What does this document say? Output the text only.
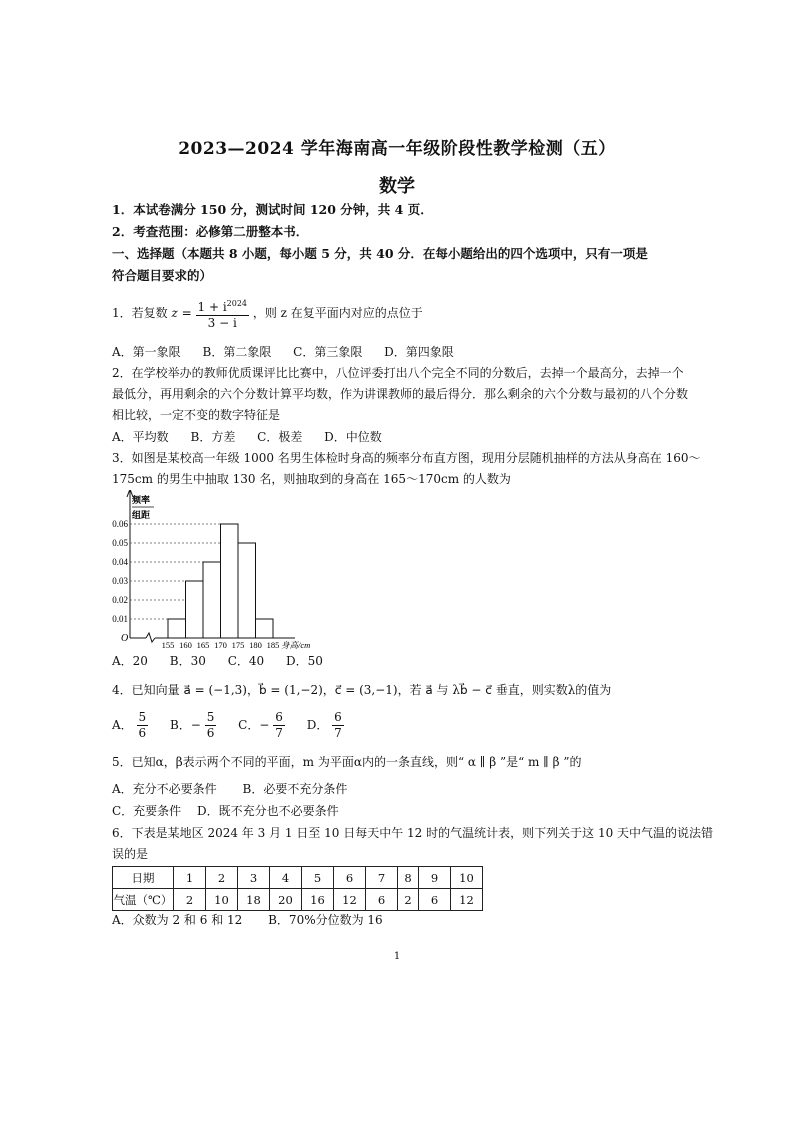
2023—2024 学年海南高一年级阶段性教学检测（五）
数学
1．本试卷满分 150 分，测试时间 120 分钟，共 4 页．
2．考查范围：必修第二册整本书．
一、选择题（本题共 8 小题，每小题 5 分，共 40 分．在每小题给出的四个选项中，只有一项是
符合题目要求的）
1．若复数 $z = \frac{1 + i^{2024}}{3 - i}$ ，则 z 在复平面内对应的点位于
A．第一象限 B．第二象限 C．第三象限 D．第四象限
2．在学校举办的教师优质课评比比赛中，八位评委打出八个完全不同的分数后，去掉一个最高分，去掉一个
最低分，再用剩余的六个分数计算平均数，作为讲课教师的最后得分．那么剩余的六个分数与最初的八个分数
相比较，一定不变的数字特征是
A．平均数 B．方差 C．极差 D．中位数
3．如图是某校高一年级 1000 名男生体检时身高的频率分布直方图，现用分层随机抽样的方法从身高在 160～
175cm 的男生中抽取 130 名，则抽取到的身高在 165～170cm 的人数为
频率
组距
O
0.01
0.02
0.03
0.04
0.05
0.06
155 160 165 170 175 180 185 身高/cm
A．20 B．30 C．40 D．50
4．已知向量 a⃗ = (−1,3)，b⃗ = (1,−2)，c⃗ = (3,−1)，若 a⃗ 与 λb⃗ − c⃗ 垂直，则实数λ的值为
A． $\frac{5}{6}$ B．− $\frac{5}{6}$ C．− $\frac{6}{7}$ D． $\frac{6}{7}$
5．已知α，β表示两个不同的平面，m 为平面α内的一条直线，则“ α ∥ β ”是“ m ∥ β ”的
A．充分不必要条件 B．必要不充分条件
C．充要条件 D．既不充分也不必要条件
6．下表是某地区 2024 年 3 月 1 日至 10 日每天中午 12 时的气温统计表，则下列关于这 10 天中气温的说法错
误的是
日期	1	2	3	4	5	6	7	8	9	10
气温（℃）	2	10	18	20	16	12	6	2	6	12
A．众数为 2 和 6 和 12 B．70%分位数为 16
1
